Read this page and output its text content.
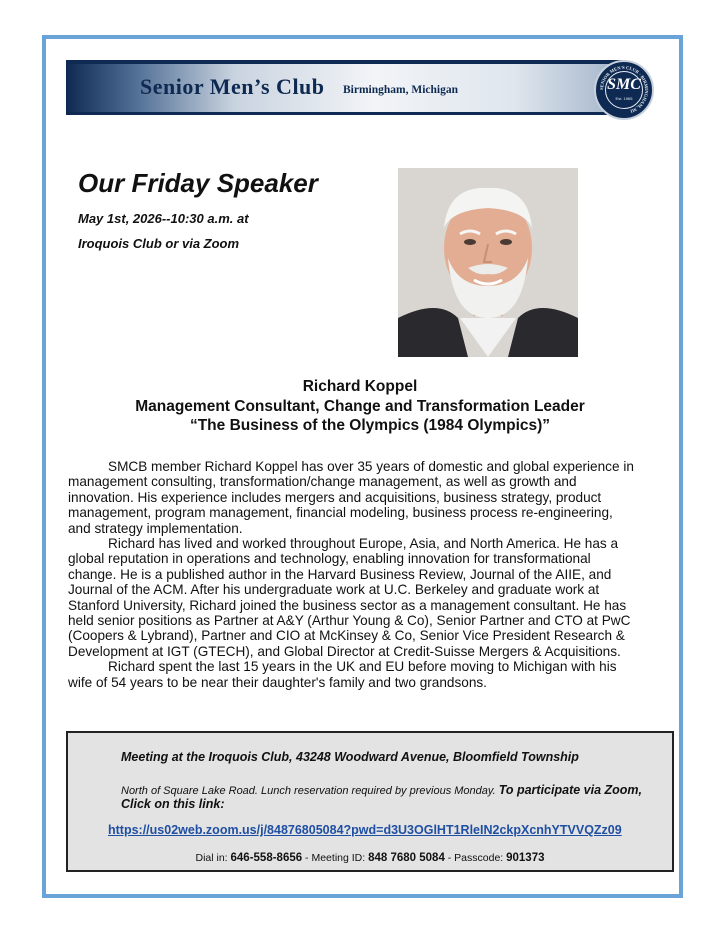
Senior Men’s Club Birmingham, Michigan	SENIOR MEN'S CLUB · BIRMINGHAM, MI
SMC
Est. 1965
Our Friday Speaker
May 1st, 2026--10:30 a.m. at
Iroquois Club or via Zoom
Richard Koppel
Management Consultant, Change and Transformation Leader
“The Business of the Olympics (1984 Olympics)”

SMCB member Richard Koppel has over 35 years of domestic and global experience in management consulting, transformation/change management, as well as growth and innovation. His experience includes mergers and acquisitions, business strategy, product management, program management, financial modeling, business process re-engineering, and strategy implementation.

Richard has lived and worked throughout Europe, Asia, and North America. He has a global reputation in operations and technology, enabling innovation for transformational change. He is a published author in the Harvard Business Review, Journal of the AIIE, and Journal of the ACM. After his undergraduate work at U.C. Berkeley and graduate work at Stanford University, Richard joined the business sector as a management consultant. He has held senior positions as Partner at A&Y (Arthur Young & Co), Senior Partner and CTO at PwC (Coopers & Lybrand), Partner and CIO at McKinsey & Co, Senior Vice President Research & Development at IGT (GTECH), and Global Director at Credit-Suisse Mergers & Acquisitions.

Richard spent the last 15 years in the UK and EU before moving to Michigan with his wife of 54 years to be near their daughter's family and two grandsons.

Meeting at the Iroquois Club, 43248 Woodward Avenue, Bloomfield Township
North of Square Lake Road. Lunch reservation required by previous Monday. To participate via Zoom, Click on this link:
https://us02web.zoom.us/j/84876805084?pwd=d3U3OGlHT1RleIN2ckpXcnhYTVVQZz09
Dial in: 646-558-8656 - Meeting ID: 848 7680 5084 - Passcode: 901373
